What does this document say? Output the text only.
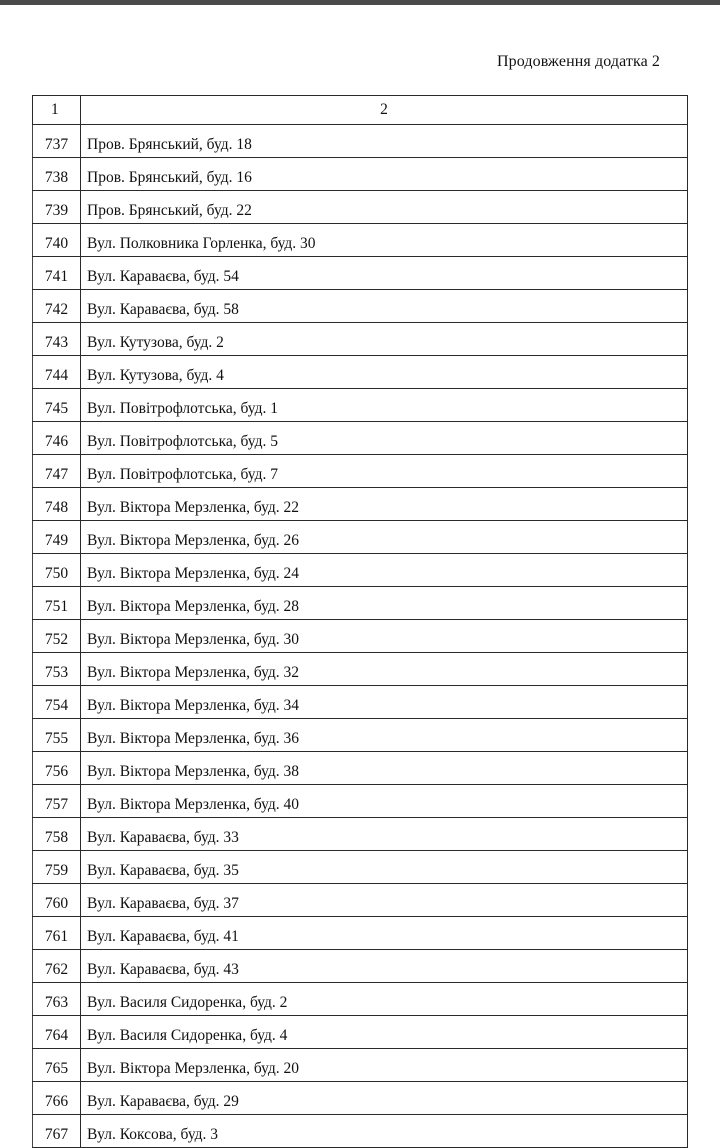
Продовження додатка 2
1	2
737	Пров. Брянський, буд. 18
738	Пров. Брянський, буд. 16
739	Пров. Брянський, буд. 22
740	Вул. Полковника Горленка, буд. 30
741	Вул. Караваєва, буд. 54
742	Вул. Караваєва, буд. 58
743	Вул. Кутузова, буд. 2
744	Вул. Кутузова, буд. 4
745	Вул. Повітрофлотська, буд. 1
746	Вул. Повітрофлотська, буд. 5
747	Вул. Повітрофлотська, буд. 7
748	Вул. Віктора Мерзленка, буд. 22
749	Вул. Віктора Мерзленка, буд. 26
750	Вул. Віктора Мерзленка, буд. 24
751	Вул. Віктора Мерзленка, буд. 28
752	Вул. Віктора Мерзленка, буд. 30
753	Вул. Віктора Мерзленка, буд. 32
754	Вул. Віктора Мерзленка, буд. 34
755	Вул. Віктора Мерзленка, буд. 36
756	Вул. Віктора Мерзленка, буд. 38
757	Вул. Віктора Мерзленка, буд. 40
758	Вул. Караваєва, буд. 33
759	Вул. Караваєва, буд. 35
760	Вул. Караваєва, буд. 37
761	Вул. Караваєва, буд. 41
762	Вул. Караваєва, буд. 43
763	Вул. Василя Сидоренка, буд. 2
764	Вул. Василя Сидоренка, буд. 4
765	Вул. Віктора Мерзленка, буд. 20
766	Вул. Караваєва, буд. 29
767	Вул. Коксова, буд. 3
